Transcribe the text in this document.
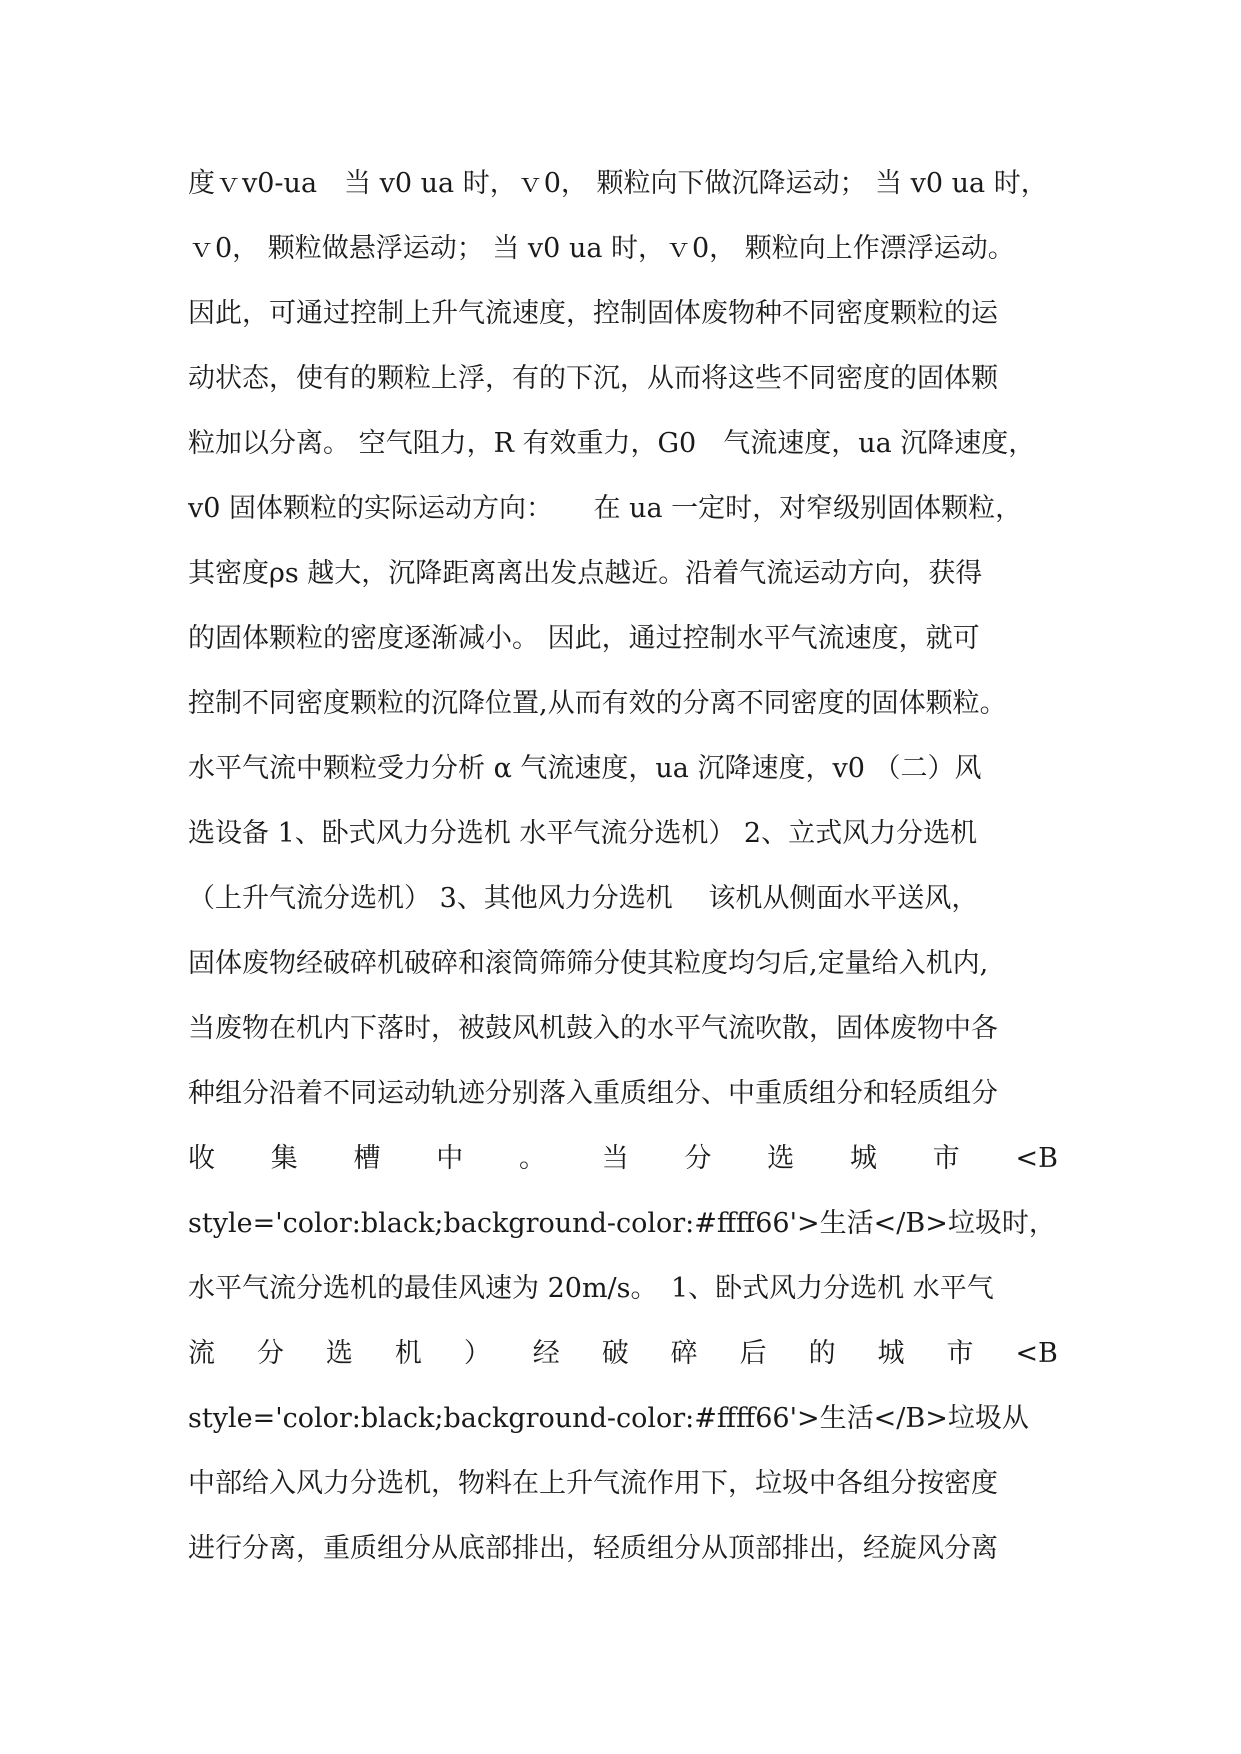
度ｖv0-ua　当 v0 ua 时，ｖ0， 颗粒向下做沉降运动； 当 v0 ua 时，
ｖ0， 颗粒做悬浮运动； 当 v0 ua 时，ｖ0， 颗粒向上作漂浮运动。
因此，可通过控制上升气流速度，控制固体废物种不同密度颗粒的运
动状态，使有的颗粒上浮，有的下沉，从而将这些不同密度的固体颗
粒加以分离。 空气阻力，R 有效重力，G0　气流速度，ua 沉降速度，
v0 固体颗粒的实际运动方向：　　在 ua 一定时，对窄级别固体颗粒，
其密度ρs 越大，沉降距离离出发点越近。沿着气流运动方向，获得
的固体颗粒的密度逐渐减小。 因此，通过控制水平气流速度，就可
控制不同密度颗粒的沉降位置,从而有效的分离不同密度的固体颗粒。
水平气流中颗粒受力分析 α 气流速度，ua 沉降速度，v0 （二）风
选设备 1、卧式风力分选机 水平气流分选机） 2、立式风力分选机
（上升气流分选机） 3、其他风力分选机　 该机从侧面水平送风，
固体废物经破碎机破碎和滚筒筛筛分使其粒度均匀后,定量给入机内,
当废物在机内下落时，被鼓风机鼓入的水平气流吹散，固体废物中各
种组分沿着不同运动轨迹分别落入重质组分、中重质组分和轻质组分
收 集 槽 中 。 当 分 选 城 市 <B
style='color:black;background-color:#ffff66'>生活</B>垃圾时，
水平气流分选机的最佳风速为 20m/s。　1、卧式风力分选机 水平气
流 分 选 机 ） 经 破 碎 后 的 城 市 <B
style='color:black;background-color:#ffff66'>生活</B>垃圾从
中部给入风力分选机，物料在上升气流作用下，垃圾中各组分按密度
进行分离，重质组分从底部排出，轻质组分从顶部排出，经旋风分离
